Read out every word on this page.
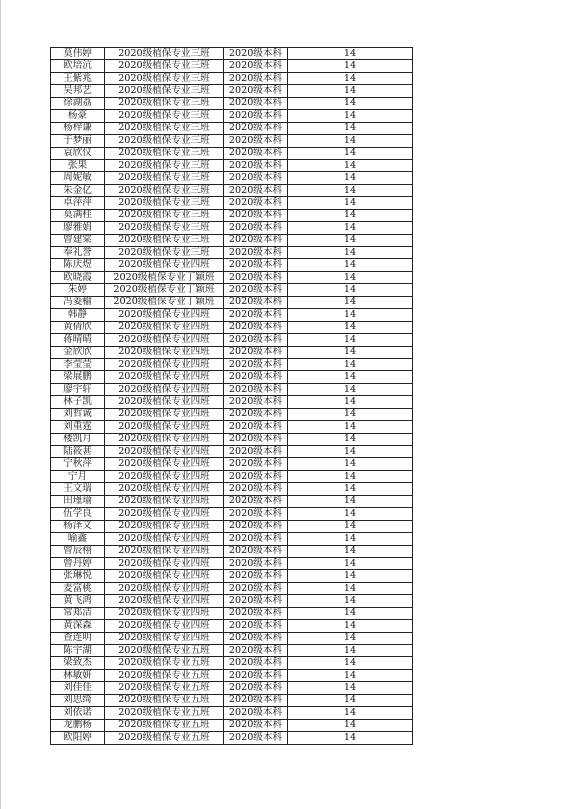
莫伟婷	2020级植保专业三班	2020级本科	14
欧培沆	2020级植保专业三班	2020级本科	14
王紫兆	2020级植保专业三班	2020级本科	14
吴邦艺	2020级植保专业三班	2020级本科	14
徐湖荔	2020级植保专业三班	2020级本科	14
杨豪	2020级植保专业三班	2020级本科	14
杨梓谦	2020级植保专业三班	2020级本科	14
于梦丽	2020级植保专业三班	2020级本科	14
袁欣仪	2020级植保专业三班	2020级本科	14
张果	2020级植保专业三班	2020级本科	14
周妮敏	2020级植保专业三班	2020级本科	14
朱金亿	2020级植保专业三班	2020级本科	14
卓萍萍	2020级植保专业三班	2020级本科	14
莫满桂	2020级植保专业三班	2020级本科	14
廖雅娟	2020级植保专业三班	2020级本科	14
曾建棠	2020级植保专业三班	2020级本科	14
奉礼誉	2020级植保专业三班	2020级本科	14
陈庆煜	2020级植保专业四班	2020级本科	14
欧晓霞	2020级植保专业丁颖班	2020级本科	14
朱婷	2020级植保专业丁颖班	2020级本科	14
冯菱榆	2020级植保专业丁颖班	2020级本科	14
韩静	2020级植保专业四班	2020级本科	14
黄倩欣	2020级植保专业四班	2020级本科	14
蒋晴晴	2020级植保专业四班	2020级本科	14
金欣欣	2020级植保专业四班	2020级本科	14
李莹莹	2020级植保专业四班	2020级本科	14
梁展鹏	2020级植保专业四班	2020级本科	14
廖宇轩	2020级植保专业四班	2020级本科	14
林子凯	2020级植保专业四班	2020级本科	14
刘哲诚	2020级植保专业四班	2020级本科	14
刘重霆	2020级植保专业四班	2020级本科	14
楼凯月	2020级植保专业四班	2020级本科	14
陆筱葚	2020级植保专业四班	2020级本科	14
宁秋萍	2020级植保专业四班	2020级本科	14
宁月	2020级植保专业四班	2020级本科	14
王文瑞	2020级植保专业四班	2020级本科	14
田瑾瑜	2020级植保专业四班	2020级本科	14
伍学良	2020级植保专业四班	2020级本科	14
杨泽文	2020级植保专业四班	2020级本科	14
喻鑫	2020级植保专业四班	2020级本科	14
曾辰栩	2020级植保专业四班	2020级本科	14
曾丹婷	2020级植保专业四班	2020级本科	14
张琳悦	2020级植保专业四班	2020级本科	14
麦富桃	2020级植保专业四班	2020级本科	14
黄飞鸿	2020级植保专业四班	2020级本科	14
常郑洁	2020级植保专业四班	2020级本科	14
黄深森	2020级植保专业四班	2020级本科	14
查连明	2020级植保专业四班	2020级本科	14
陈宇湖	2020级植保专业五班	2020级本科	14
梁致杰	2020级植保专业五班	2020级本科	14
林敏妍	2020级植保专业五班	2020级本科	14
刘佳佳	2020级植保专业五班	2020级本科	14
刘思绮	2020级植保专业五班	2020级本科	14
刘依诺	2020级植保专业五班	2020级本科	14
龙鹏杨	2020级植保专业五班	2020级本科	14
欧阳婷	2020级植保专业五班	2020级本科	14
